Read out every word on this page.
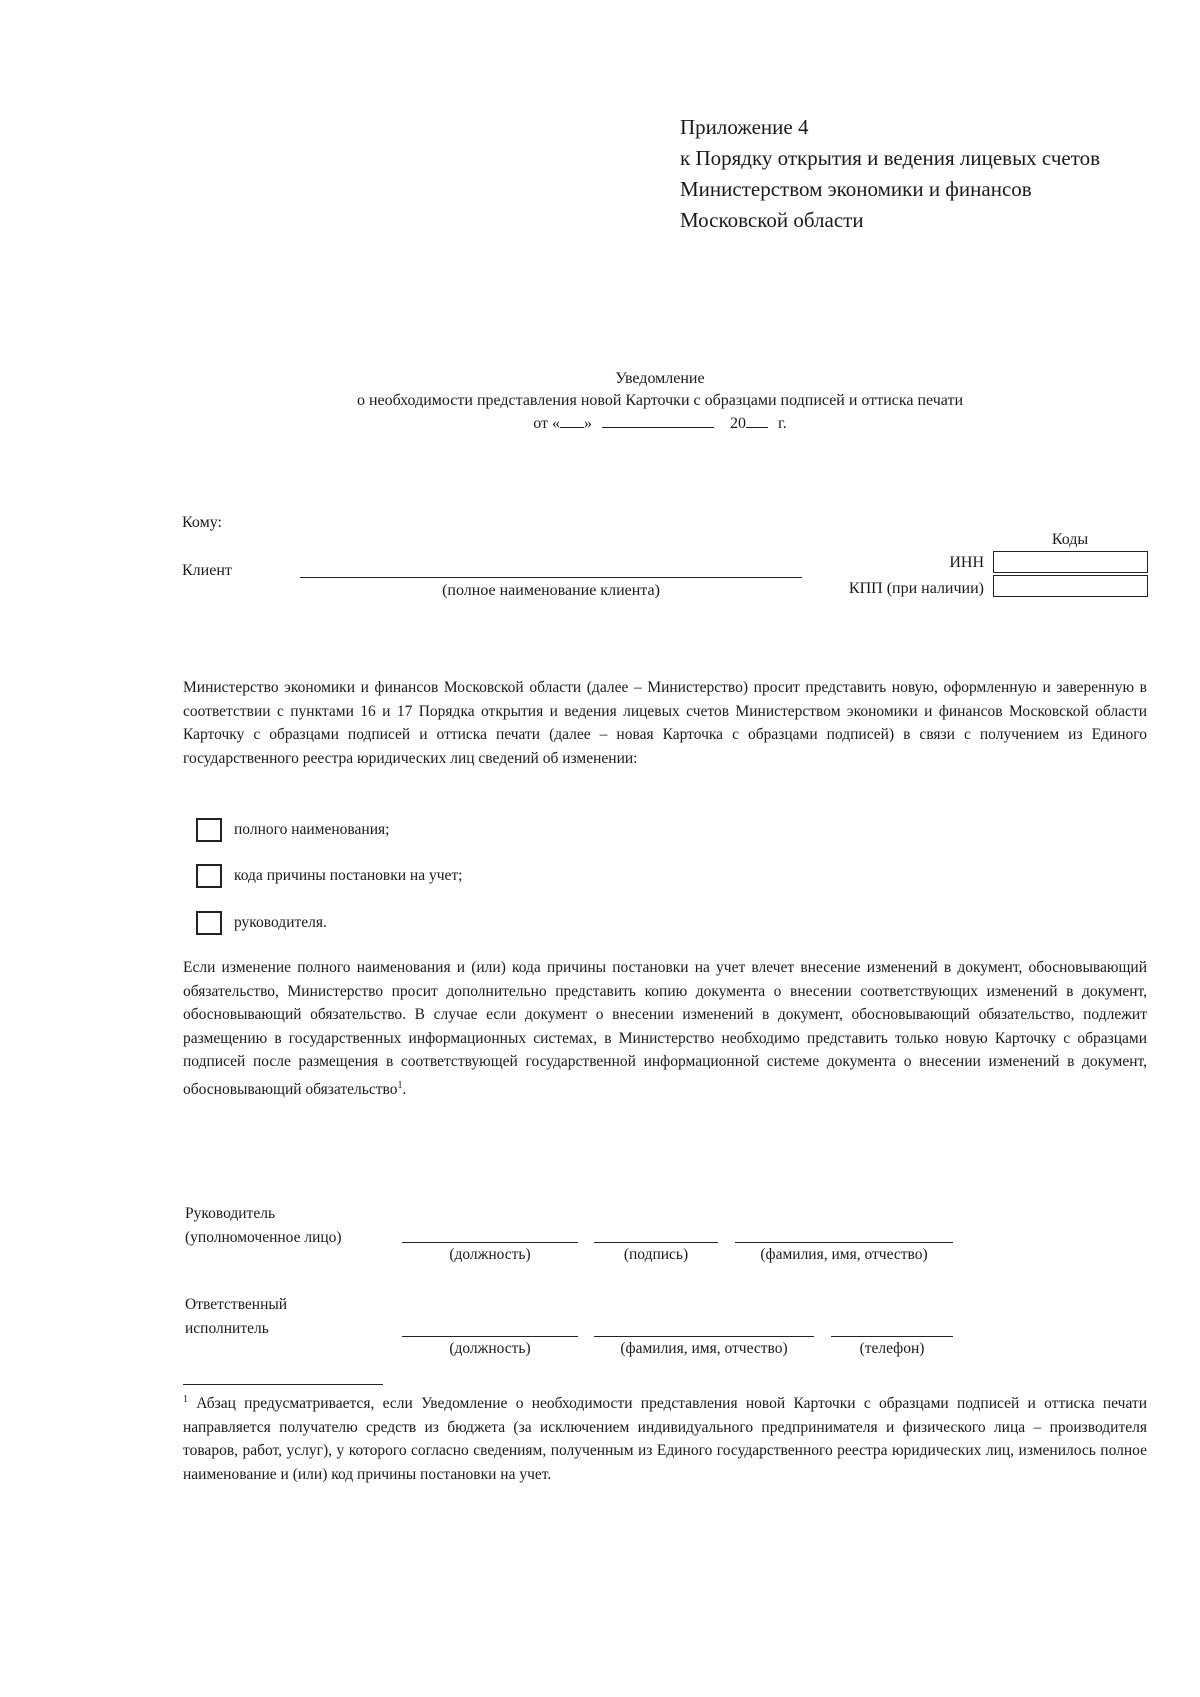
Приложение 4
к Порядку открытия и ведения лицевых счетов
Министерством экономики и финансов
Московской области
Уведомление
о необходимости представления новой Карточки с образцами подписей и оттиска печати
от « »	20 г.
Кому:
Клиент
(полное наименование клиента)
Коды
ИНН
КПП (при наличии)
Министерство экономики и финансов Московской области (далее – Министерство) просит представить новую, оформленную и заверенную в соответствии с пунктами 16 и 17 Порядка открытия и ведения лицевых счетов Министерством экономики и финансов Московской области Карточку с образцами подписей и оттиска печати (далее – новая Карточка с образцами подписей) в связи с получением из Единого государственного реестра юридических лиц сведений об изменении:
полного наименования;
кода причины постановки на учет;
руководителя.
Если изменение полного наименования и (или) кода причины постановки на учет влечет внесение изменений в документ, обосновывающий обязательство, Министерство просит дополнительно представить копию документа о внесении соответствующих изменений в документ, обосновывающий обязательство. В случае если документ о внесении изменений в документ, обосновывающий обязательство, подлежит размещению в государственных информационных системах, в Министерство необходимо представить только новую Карточку с образцами подписей после размещения в соответствующей государственной информационной системе документа о внесении изменений в документ, обосновывающий обязательство$^1$.
Руководитель
(уполномоченное лицо)
(должность)	(подпись)	(фамилия, имя, отчество)
Ответственный
исполнитель
(должность)	(фамилия, имя, отчество)	(телефон)
$^1$ Абзац предусматривается, если Уведомление о необходимости представления новой Карточки с образцами подписей и оттиска печати направляется получателю средств из бюджета (за исключением индивидуального предпринимателя и физического лица – производителя товаров, работ, услуг), у которого согласно сведениям, полученным из Единого государственного реестра юридических лиц, изменилось полное наименование и (или) код причины постановки на учет.
